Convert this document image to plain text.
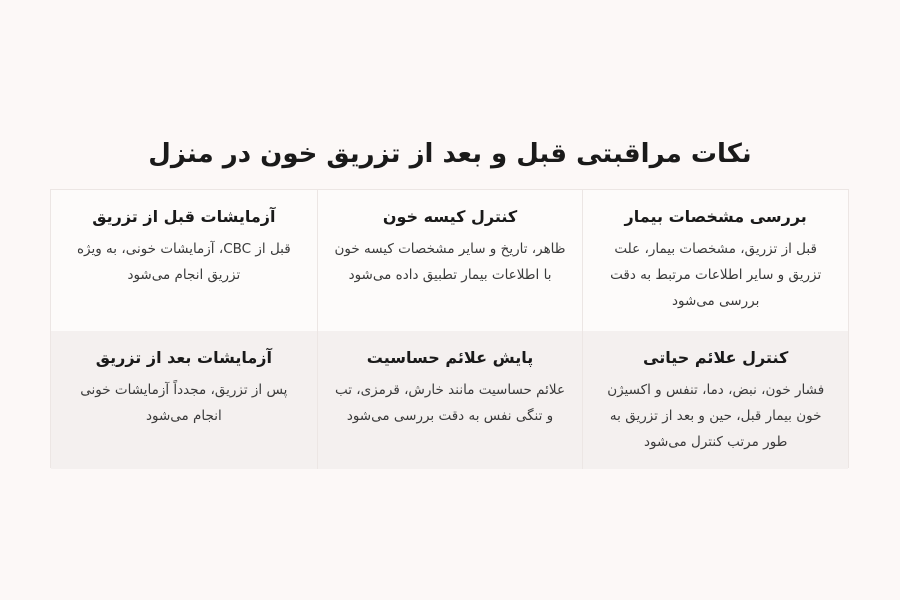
نکات مراقبتی قبل و بعد از تزریق خون در منزل
بررسی مشخصات بیمار
قبل از تزریق، مشخصات بیمار، علت تزریق و سایر اطلاعات مرتبط به دقت بررسی می‌شود
کنترل کیسه خون
ظاهر، تاریخ و سایر مشخصات کیسه خون با اطلاعات بیمار تطبیق داده می‌شود
آزمایشات قبل از تزریق
قبل از CBC، آزمایشات خونی، به ویژه تزریق انجام می‌شود
کنترل علائم حیاتی
فشار خون، نبض، دما، تنفس و اکسیژن خون بیمار قبل، حین و بعد از تزریق به طور مرتب کنترل می‌شود
پایش علائم حساسیت
علائم حساسیت مانند خارش، قرمزی، تب و تنگی نفس به دقت بررسی می‌شود
آزمایشات بعد از تزریق
پس از تزریق، مجدداً آزمایشات خونی انجام می‌شود
